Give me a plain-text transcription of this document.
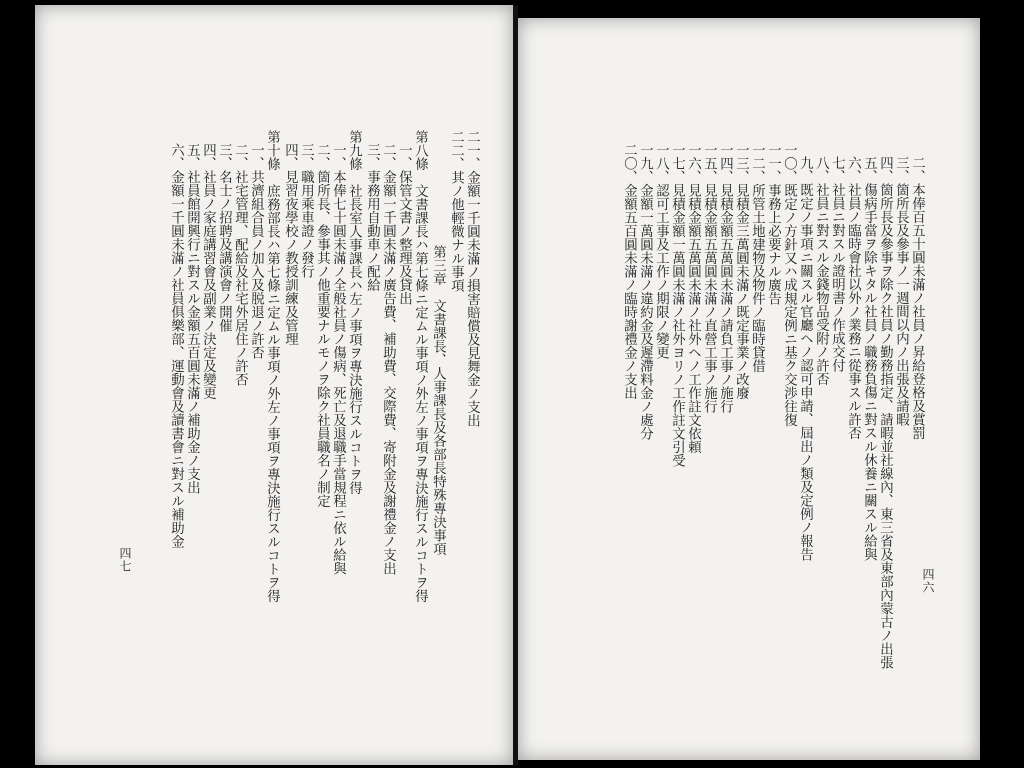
二一、金額一千圓未滿ノ損害賠償及見舞金ノ支出
二二、其ノ他輕微ナル事項
第三章　文書課長、人事課長及各部長特殊專決事項
第八條　文書課長ハ第七條ニ定ムル事項ノ外左ノ事項ヲ專決施行スルコトヲ得
一、保管文書ノ整理及貸出
二、金額一千圓未滿ノ廣告費、補助費、交際費、寄附金及謝禮金ノ支出
三、事務用自動車ノ配給
第九條　社長室人事課長ハ左ノ事項ヲ專決施行スルコトヲ得
一、本俸七十圓未滿ノ全般社員ノ傷病、死亡及退職手當規程ニ依ル給與
二、箇所長、參事其ノ他重要ナルモノヲ除ク社員職名ノ制定
三、職用乘車證ノ發行
四、見習夜學校ノ教授訓練及管理
第十條　庶務部長ハ第七條ニ定ムル事項ノ外左ノ事項ヲ專決施行スルコトヲ得
一、共濟組合員ノ加入及脱退ノ許否
二、社宅管理、配給及社宅外居住ノ許否
三、名士ノ招聘及講演會ノ開催
四、社員ノ家庭講習會及副業ノ決定及變更
五、社員館開興行ニ對スル金額五百圓未滿ノ補助金ノ支出
六、金額一千圓未滿ノ社員俱樂部、運動會及讀書會ニ對スル補助金
四七
二、本俸百五十圓未滿ノ社員ノ昇給登格及賞罰
三、箇所長及參事ノ一週間以内ノ出張及請暇
四、箇所長及參事ヲ除ク社員ノ勤務指定、請暇並社線內、東三省及東部內蒙古ノ出張
五、傷病手當ヲ除キタル社員ノ職務負傷ニ對スル休養ニ關スル給與
六、社員ノ臨時會社以外ノ業務ニ從事スル許否
七、社員ニ對スル證明書ノ作成交付
八、社員ニ對スル金錢物品受附ノ許否
九、既定ノ事項ニ關スル官廳ヘノ認可申請、屆出ノ類及定例ノ報告
一〇、既定ノ方針又ハ成規定例ニ基ク交渉往復
一一、事務上必要ナル廣告
一二、所管土地建物及物件ノ臨時貸借
一三、見積金三萬圓未滿ノ既定事業ノ改廢
一四、見積金額五萬圓未滿ノ請負工事ノ施行
一五、見積金額五萬圓未滿ノ直營工事ノ施行
一六、見積金額五萬圓未滿ノ社外ヘノ工作註文依頼
一七、見積金額一萬圓未滿ノ社外ヨリノ工作註文引受
一八、認可工事及工作ノ期限ノ變更
一九、金額一萬圓未滿ノ違約金及遲滯料金ノ處分
二〇、金額五百圓未滿ノ臨時謝禮金ノ支出
四六
